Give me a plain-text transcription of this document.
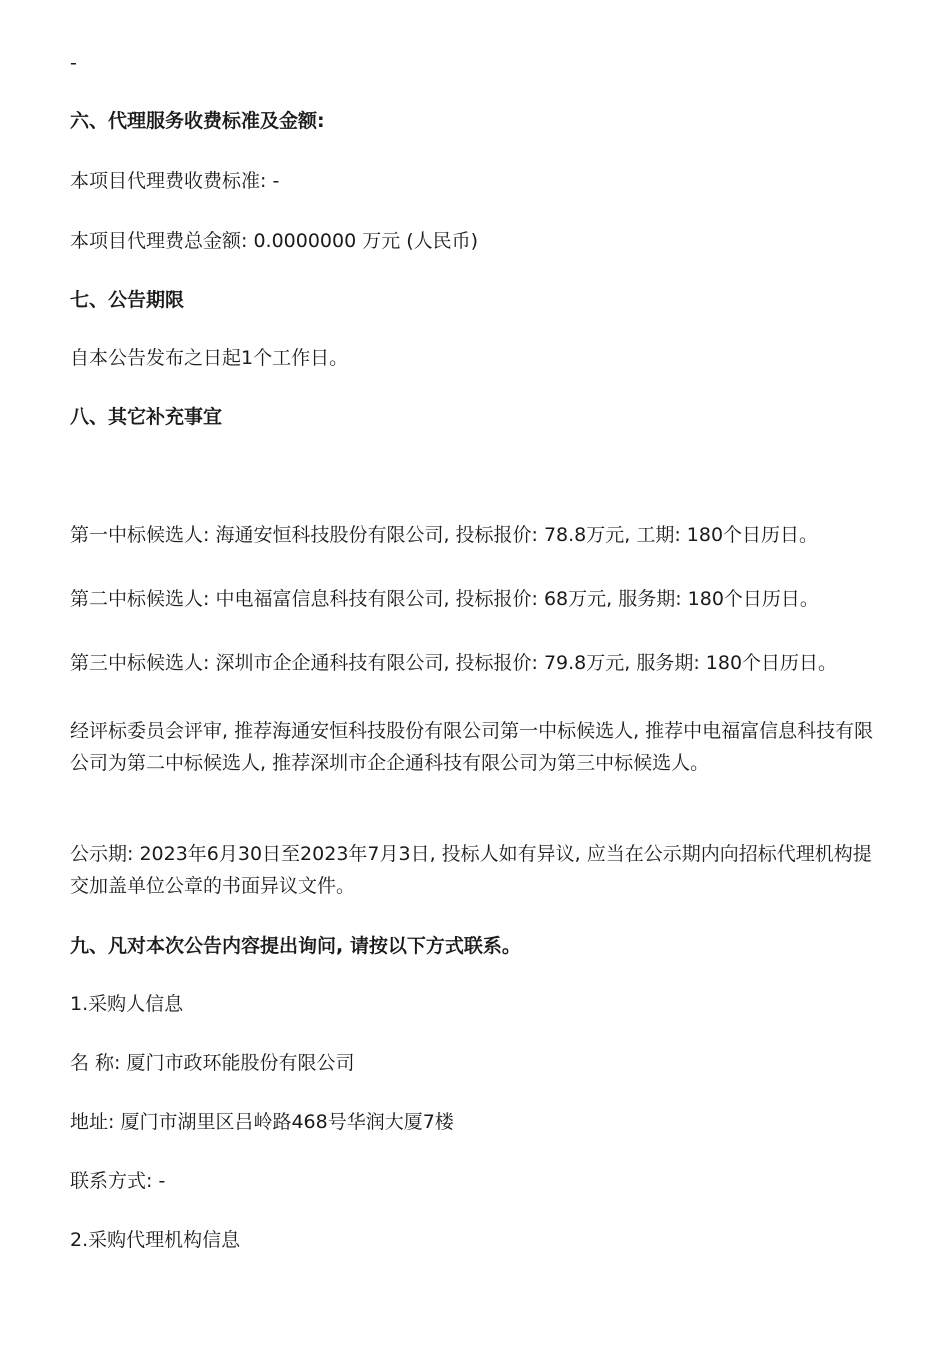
-
六、代理服务收费标准及金额:
本项目代理费收费标准: -
本项目代理费总金额: 0.0000000 万元 (人民币)
七、公告期限
自本公告发布之日起1个工作日。
八、其它补充事宜
第一中标候选人: 海通安恒科技股份有限公司, 投标报价: 78.8万元, 工期: 180个日历日。
第二中标候选人: 中电福富信息科技有限公司, 投标报价: 68万元, 服务期: 180个日历日。
第三中标候选人: 深圳市企企通科技有限公司, 投标报价: 79.8万元, 服务期: 180个日历日。
经评标委员会评审, 推荐海通安恒科技股份有限公司第一中标候选人, 推荐中电福富信息科技有限公司为第二中标候选人, 推荐深圳市企企通科技有限公司为第三中标候选人。
公示期: 2023年6月30日至2023年7月3日, 投标人如有异议, 应当在公示期内向招标代理机构提交加盖单位公章的书面异议文件。
九、凡对本次公告内容提出询问, 请按以下方式联系。
1.采购人信息
名 称: 厦门市政环能股份有限公司
地址: 厦门市湖里区吕岭路468号华润大厦7楼
联系方式: -
2.采购代理机构信息
